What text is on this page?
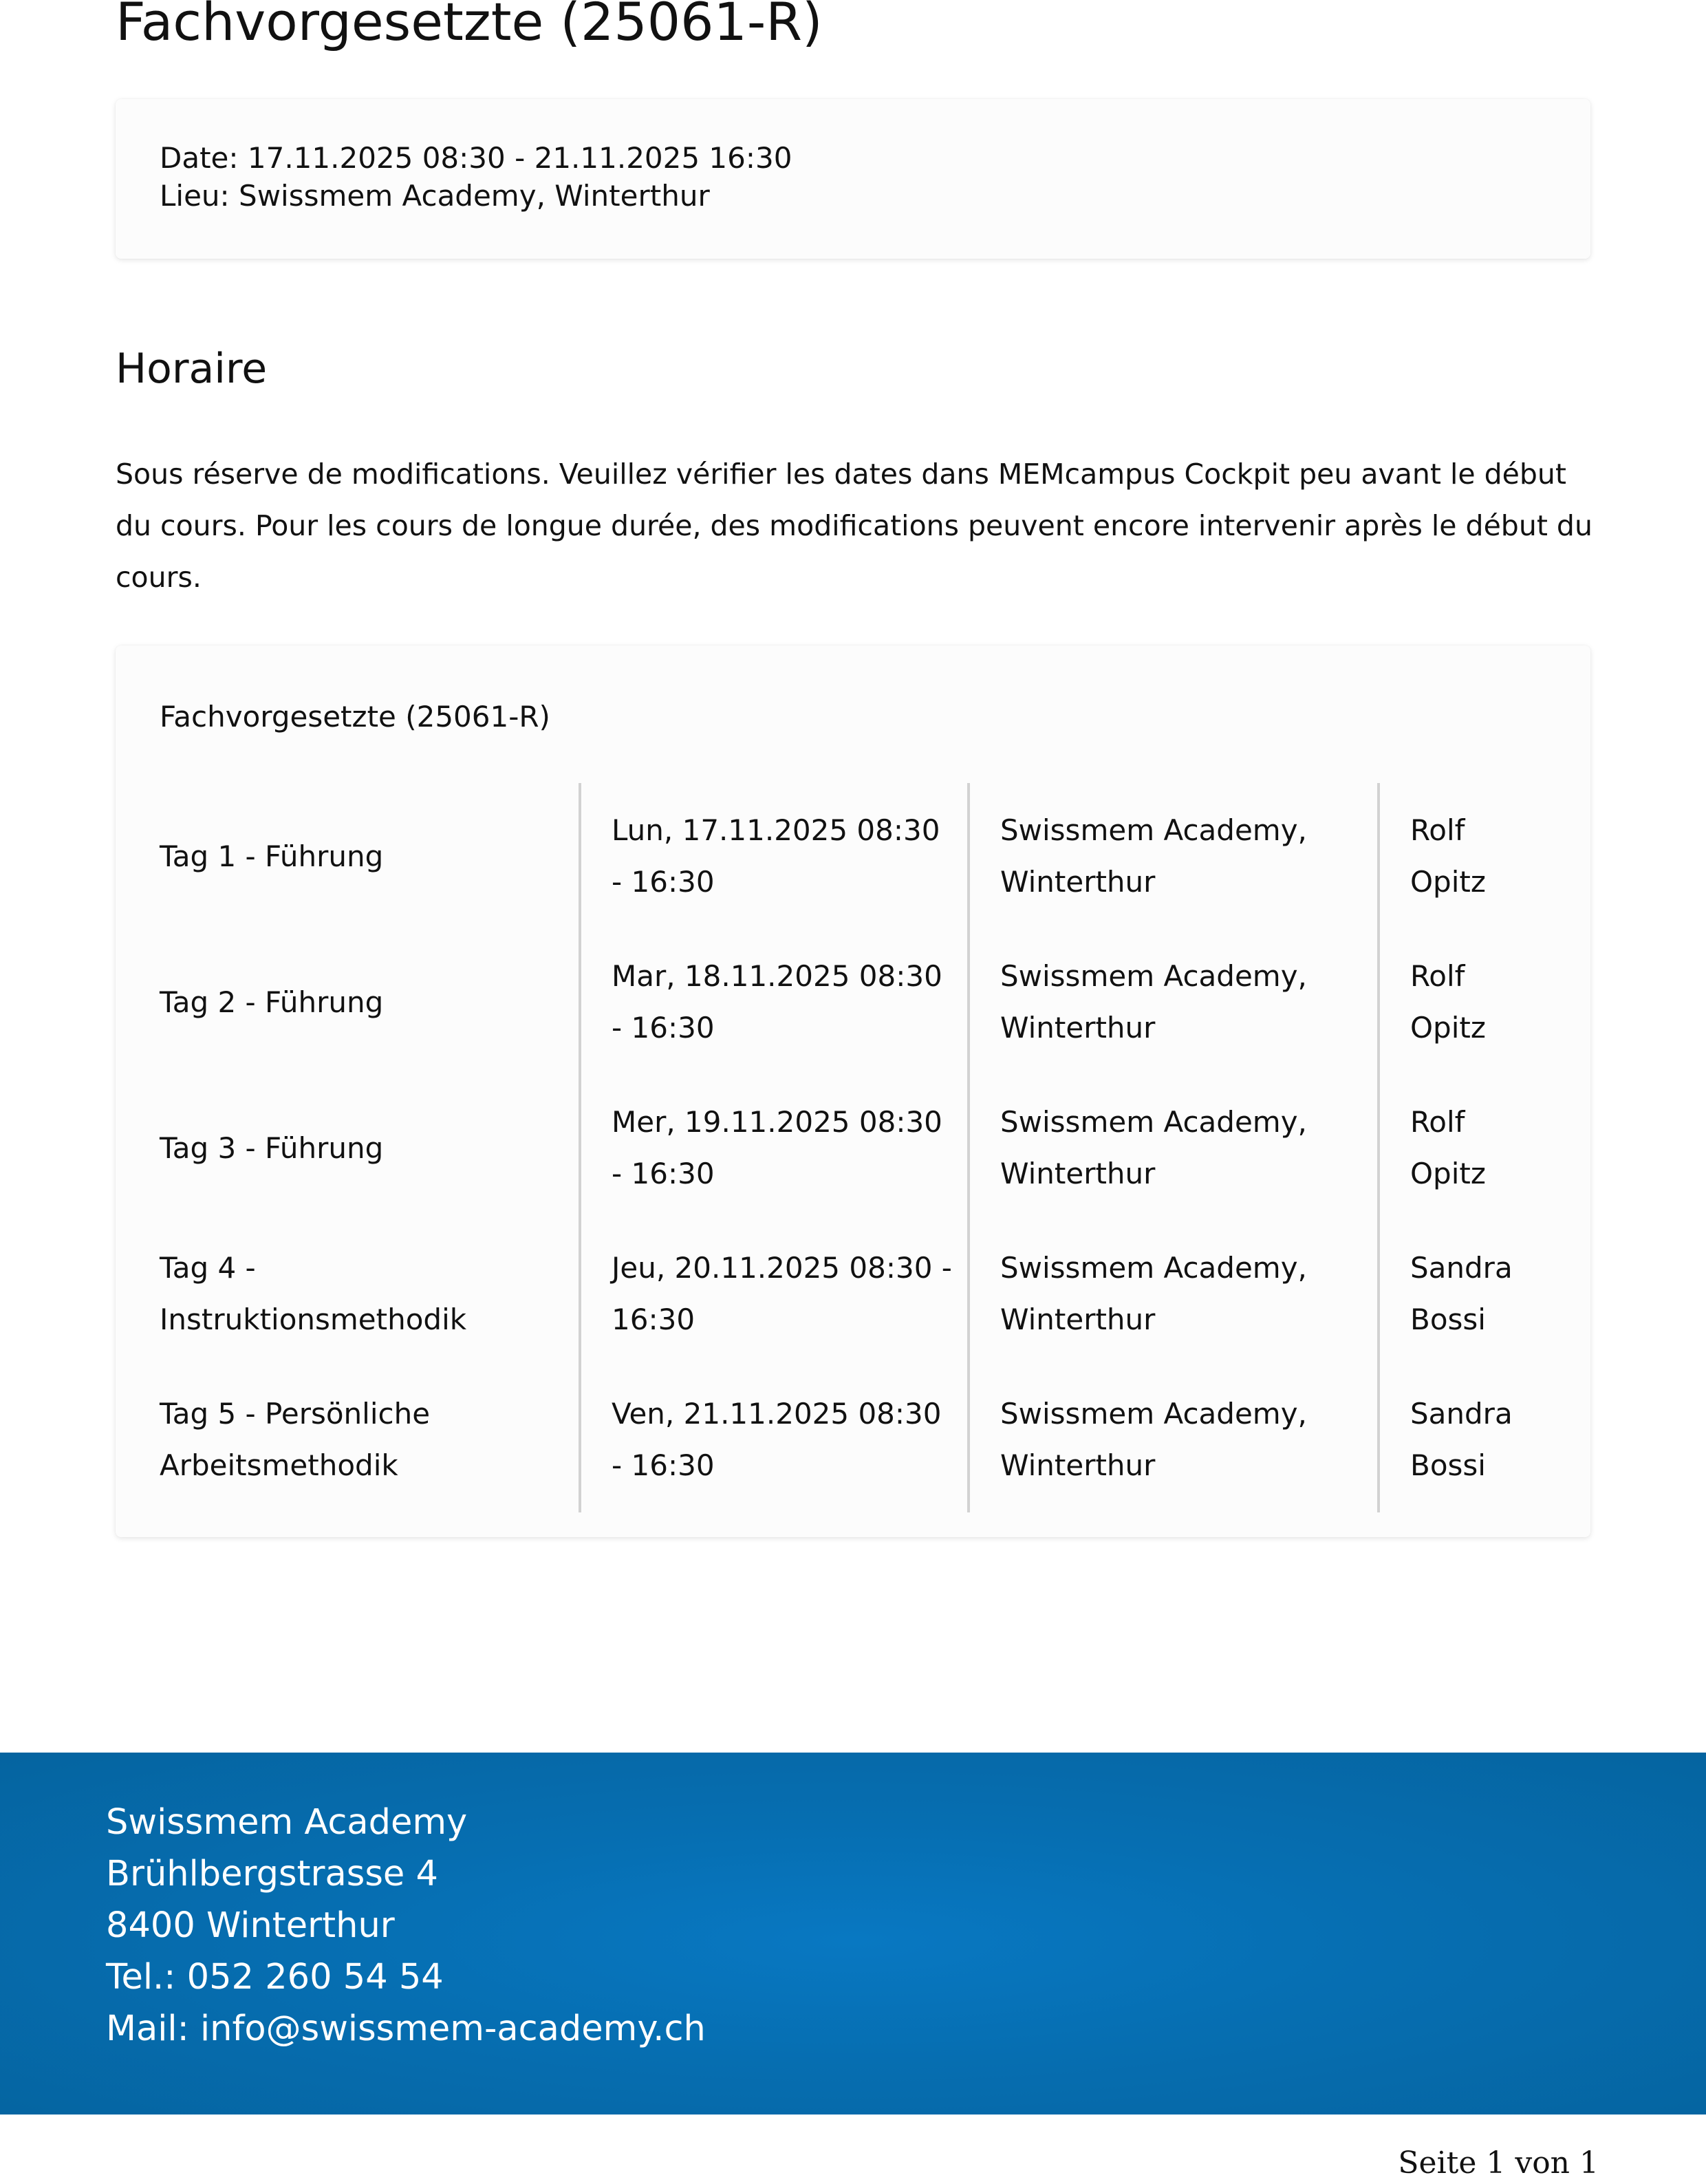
Fachvorgesetzte (25061-R)
Date: 17.11.2025 08:30 - 21.11.2025 16:30
Lieu: Swissmem Academy, Winterthur
Horaire

Sous réserve de modifications. Veuillez vérifier les dates dans MEMcampus Cockpit peu avant le début du cours. Pour les cours de longue durée, des modifications peuvent encore intervenir après le début du cours.

Fachvorgesetzte (25061-R)
Tag 1 - Führung
Lun, 17.11.2025 08:30 - 16:30
Swissmem Academy, Winterthur
Rolf Opitz
Tag 2 - Führung
Mar, 18.11.2025 08:30 - 16:30
Swissmem Academy, Winterthur
Rolf Opitz
Tag 3 - Führung
Mer, 19.11.2025 08:30 - 16:30
Swissmem Academy, Winterthur
Rolf Opitz
Tag 4 - Instruktionsmethodik
Jeu, 20.11.2025 08:30 - 16:30
Swissmem Academy, Winterthur
Sandra Bossi
Tag 5 - Persönliche Arbeitsmethodik
Ven, 21.11.2025 08:30 - 16:30
Swissmem Academy, Winterthur
Sandra Bossi
Swissmem Academy
Brühlbergstrasse 4
8400 Winterthur
Tel.: 052 260 54 54
Mail: info@swissmem-academy.ch
Seite 1 von 1
